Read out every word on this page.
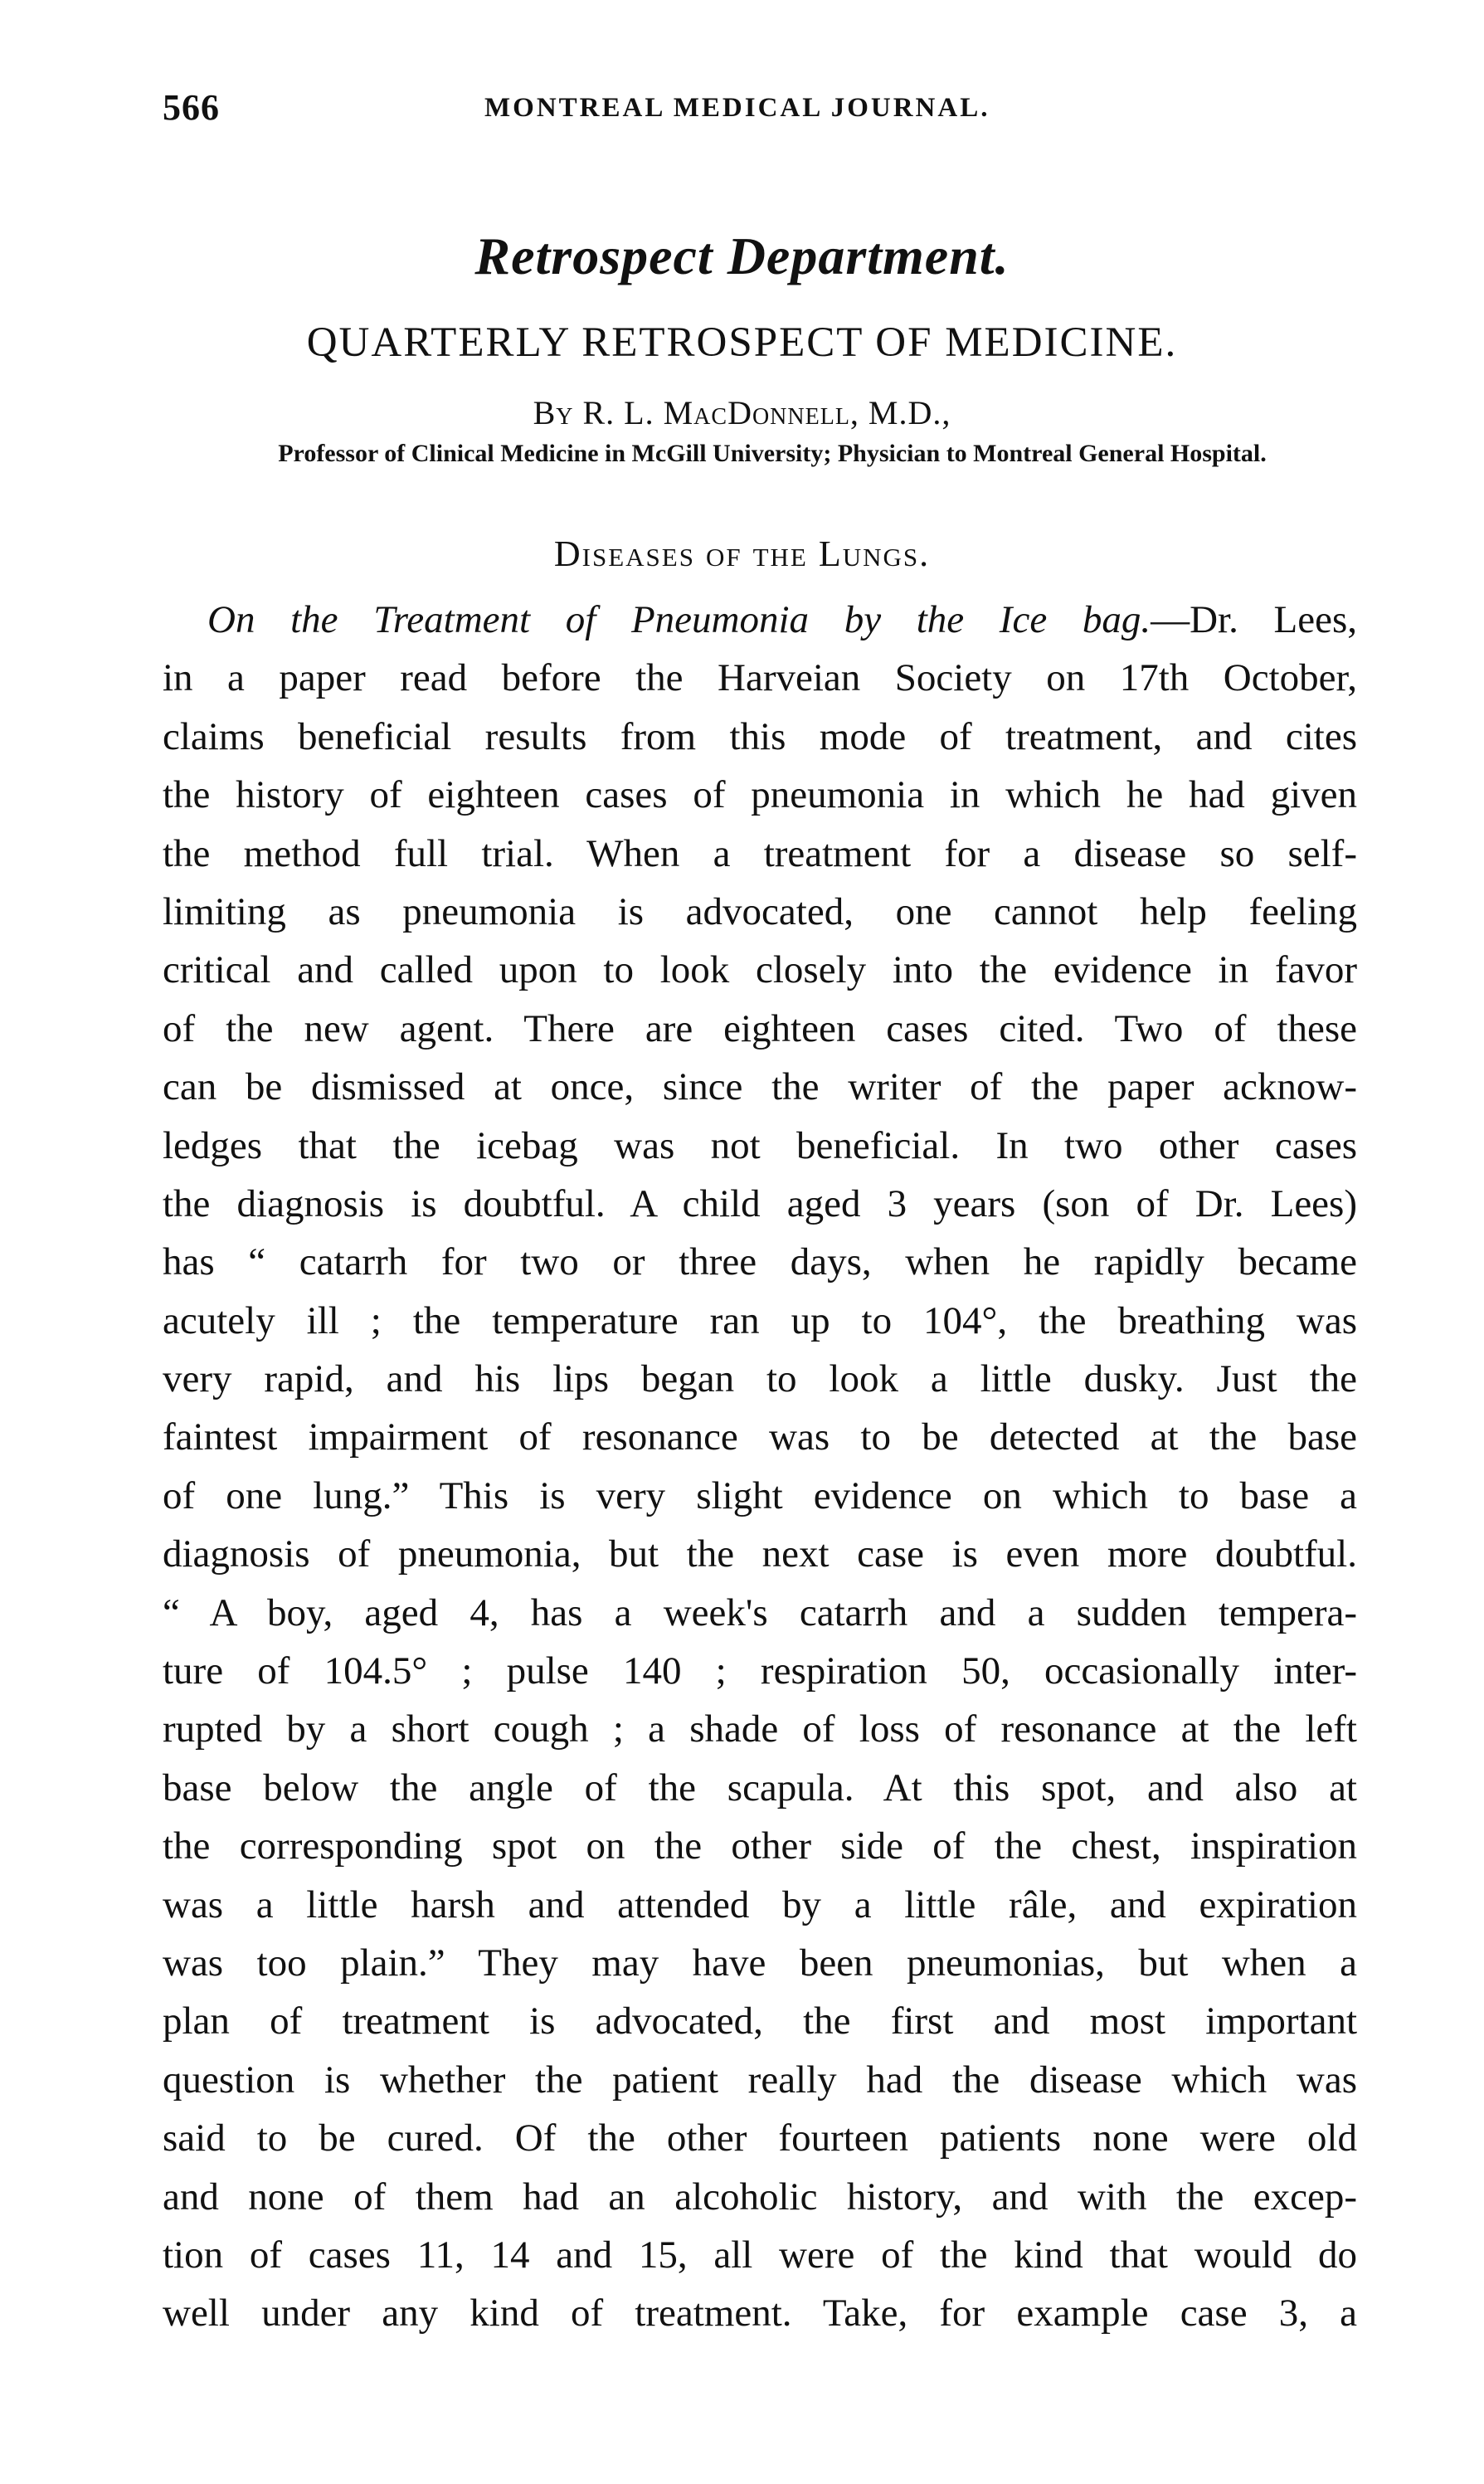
566	MONTREAL MEDICAL JOURNAL.
Retrospect Department.
QUARTERLY RETROSPECT OF MEDICINE.
By R. L. MacDonnell, M.D.,
Professor of Clinical Medicine in McGill University; Physician to Montreal General Hospital.
Diseases of the Lungs.
On the Treatment of Pneumonia by the Ice bag.—Dr. Lees,
in a paper read before the Harveian Society on 17th October,
claims beneficial results from this mode of treatment, and cites
the history of eighteen cases of pneumonia in which he had given
the method full trial. When a treatment for a disease so self-
limiting as pneumonia is advocated, one cannot help feeling
critical and called upon to look closely into the evidence in favor
of the new agent. There are eighteen cases cited. Two of these
can be dismissed at once, since the writer of the paper acknow-
ledges that the icebag was not beneficial. In two other cases
the diagnosis is doubtful. A child aged 3 years (son of Dr. Lees)
has “ catarrh for two or three days, when he rapidly became
acutely ill ; the temperature ran up to 104°, the breathing was
very rapid, and his lips began to look a little dusky. Just the
faintest impairment of resonance was to be detected at the base
of one lung.” This is very slight evidence on which to base a
diagnosis of pneumonia, but the next case is even more doubtful.
“ A boy, aged 4, has a week's catarrh and a sudden tempera-
ture of 104.5° ; pulse 140 ; respiration 50, occasionally inter-
rupted by a short cough ; a shade of loss of resonance at the left
base below the angle of the scapula. At this spot, and also at
the corresponding spot on the other side of the chest, inspiration
was a little harsh and attended by a little râle, and expiration
was too plain.” They may have been pneumonias, but when a
plan of treatment is advocated, the first and most important
question is whether the patient really had the disease which was
said to be cured. Of the other fourteen patients none were old
and none of them had an alcoholic history, and with the excep-
tion of cases 11, 14 and 15, all were of the kind that would do
well under any kind of treatment. Take, for example case 3, a
